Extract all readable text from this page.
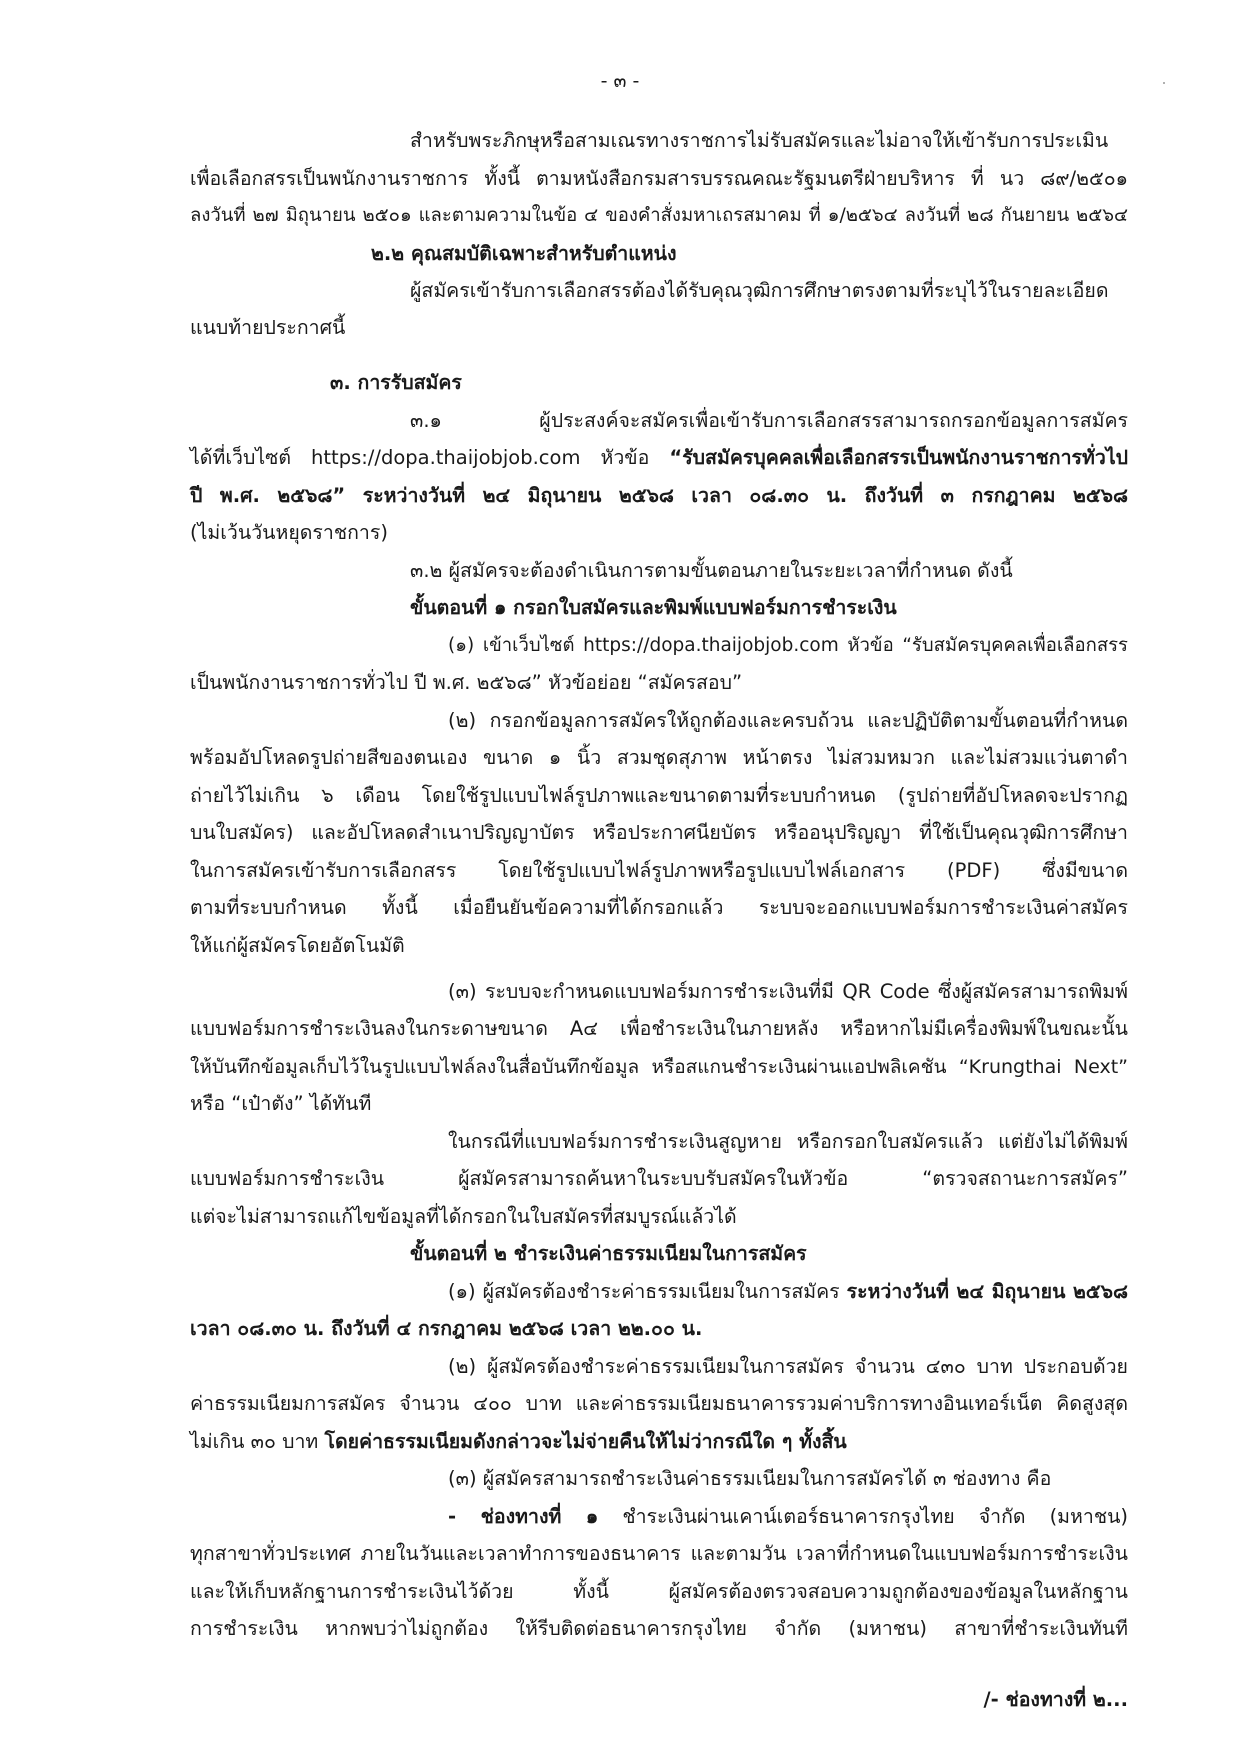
- ๓ -
สำหรับพระภิกษุหรือสามเณรทางราชการไม่รับสมัครและไม่อาจให้เข้ารับการประเมิน
เพื่อเลือกสรรเป็นพนักงานราชการ ทั้งนี้ ตามหนังสือกรมสารบรรณคณะรัฐมนตรีฝ่ายบริหาร ที่ นว ๘๙/๒๕๐๑
ลงวันที่ ๒๗ มิถุนายน ๒๕๐๑ และตามความในข้อ ๔ ของคำสั่งมหาเถรสมาคม ที่ ๑/๒๕๖๔ ลงวันที่ ๒๘ กันยายน ๒๕๖๔
๒.๒ คุณสมบัติเฉพาะสำหรับตำแหน่ง
ผู้สมัครเข้ารับการเลือกสรรต้องได้รับคุณวุฒิการศึกษาตรงตามที่ระบุไว้ในรายละเอียด
แนบท้ายประกาศนี้
๓. การรับสมัคร
๓.๑ ผู้ประสงค์จะสมัครเพื่อเข้ารับการเลือกสรรสามารถกรอกข้อมูลการสมัคร
ได้ที่เว็บไซต์ https://dopa.thaijobjob.com หัวข้อ “รับสมัครบุคคลเพื่อเลือกสรรเป็นพนักงานราชการทั่วไป
ปี พ.ศ. ๒๕๖๘” ระหว่างวันที่ ๒๔ มิถุนายน ๒๕๖๘ เวลา ๐๘.๓๐ น. ถึงวันที่ ๓ กรกฎาคม ๒๕๖๘
(ไม่เว้นวันหยุดราชการ)
๓.๒ ผู้สมัครจะต้องดำเนินการตามขั้นตอนภายในระยะเวลาที่กำหนด ดังนี้
ขั้นตอนที่ ๑ กรอกใบสมัครและพิมพ์แบบฟอร์มการชำระเงิน
(๑) เข้าเว็บไซต์ https://dopa.thaijobjob.com หัวข้อ “รับสมัครบุคคลเพื่อเลือกสรร
เป็นพนักงานราชการทั่วไป ปี พ.ศ. ๒๕๖๘” หัวข้อย่อย “สมัครสอบ”
(๒) กรอกข้อมูลการสมัครให้ถูกต้องและครบถ้วน และปฏิบัติตามขั้นตอนที่กำหนด
พร้อมอัปโหลดรูปถ่ายสีของตนเอง ขนาด ๑ นิ้ว สวมชุดสุภาพ หน้าตรง ไม่สวมหมวก และไม่สวมแว่นตาดำ
ถ่ายไว้ไม่เกิน ๖ เดือน โดยใช้รูปแบบไฟล์รูปภาพและขนาดตามที่ระบบกำหนด (รูปถ่ายที่อัปโหลดจะปรากฏ
บนใบสมัคร) และอัปโหลดสำเนาปริญญาบัตร หรือประกาศนียบัตร หรืออนุปริญญา ที่ใช้เป็นคุณวุฒิการศึกษา
ในการสมัครเข้ารับการเลือกสรร โดยใช้รูปแบบไฟล์รูปภาพหรือรูปแบบไฟล์เอกสาร (PDF) ซึ่งมีขนาด
ตามที่ระบบกำหนด ทั้งนี้ เมื่อยืนยันข้อความที่ได้กรอกแล้ว ระบบจะออกแบบฟอร์มการชำระเงินค่าสมัคร
ให้แก่ผู้สมัครโดยอัตโนมัติ
(๓) ระบบจะกำหนดแบบฟอร์มการชำระเงินที่มี QR Code ซึ่งผู้สมัครสามารถพิมพ์
แบบฟอร์มการชำระเงินลงในกระดาษขนาด A๔ เพื่อชำระเงินในภายหลัง หรือหากไม่มีเครื่องพิมพ์ในขณะนั้น
ให้บันทึกข้อมูลเก็บไว้ในรูปแบบไฟล์ลงในสื่อบันทึกข้อมูล หรือสแกนชำระเงินผ่านแอปพลิเคชัน “Krungthai Next”
หรือ “เป๋าตัง” ได้ทันที
ในกรณีที่แบบฟอร์มการชำระเงินสูญหาย หรือกรอกใบสมัครแล้ว แต่ยังไม่ได้พิมพ์
แบบฟอร์มการชำระเงิน ผู้สมัครสามารถค้นหาในระบบรับสมัครในหัวข้อ “ตรวจสถานะการสมัคร”
แต่จะไม่สามารถแก้ไขข้อมูลที่ได้กรอกในใบสมัครที่สมบูรณ์แล้วได้
ขั้นตอนที่ ๒ ชำระเงินค่าธรรมเนียมในการสมัคร
(๑) ผู้สมัครต้องชำระค่าธรรมเนียมในการสมัคร ระหว่างวันที่ ๒๔ มิถุนายน ๒๕๖๘
เวลา ๐๘.๓๐ น. ถึงวันที่ ๔ กรกฎาคม ๒๕๖๘ เวลา ๒๒.๐๐ น.
(๒) ผู้สมัครต้องชำระค่าธรรมเนียมในการสมัคร จำนวน ๔๓๐ บาท ประกอบด้วย
ค่าธรรมเนียมการสมัคร จำนวน ๔๐๐ บาท และค่าธรรมเนียมธนาคารรวมค่าบริการทางอินเทอร์เน็ต คิดสูงสุด
ไม่เกิน ๓๐ บาท โดยค่าธรรมเนียมดังกล่าวจะไม่จ่ายคืนให้ไม่ว่ากรณีใด ๆ ทั้งสิ้น
(๓) ผู้สมัครสามารถชำระเงินค่าธรรมเนียมในการสมัครได้ ๓ ช่องทาง คือ
- ช่องทางที่ ๑ ชำระเงินผ่านเคาน์เตอร์ธนาคารกรุงไทย จำกัด (มหาชน)
ทุกสาขาทั่วประเทศ ภายในวันและเวลาทำการของธนาคาร และตามวัน เวลาที่กำหนดในแบบฟอร์มการชำระเงิน
และให้เก็บหลักฐานการชำระเงินไว้ด้วย ทั้งนี้ ผู้สมัครต้องตรวจสอบความถูกต้องของข้อมูลในหลักฐาน
การชำระเงิน หากพบว่าไม่ถูกต้อง ให้รีบติดต่อธนาคารกรุงไทย จำกัด (มหาชน) สาขาที่ชำระเงินทันที
/- ช่องทางที่ ๒...
